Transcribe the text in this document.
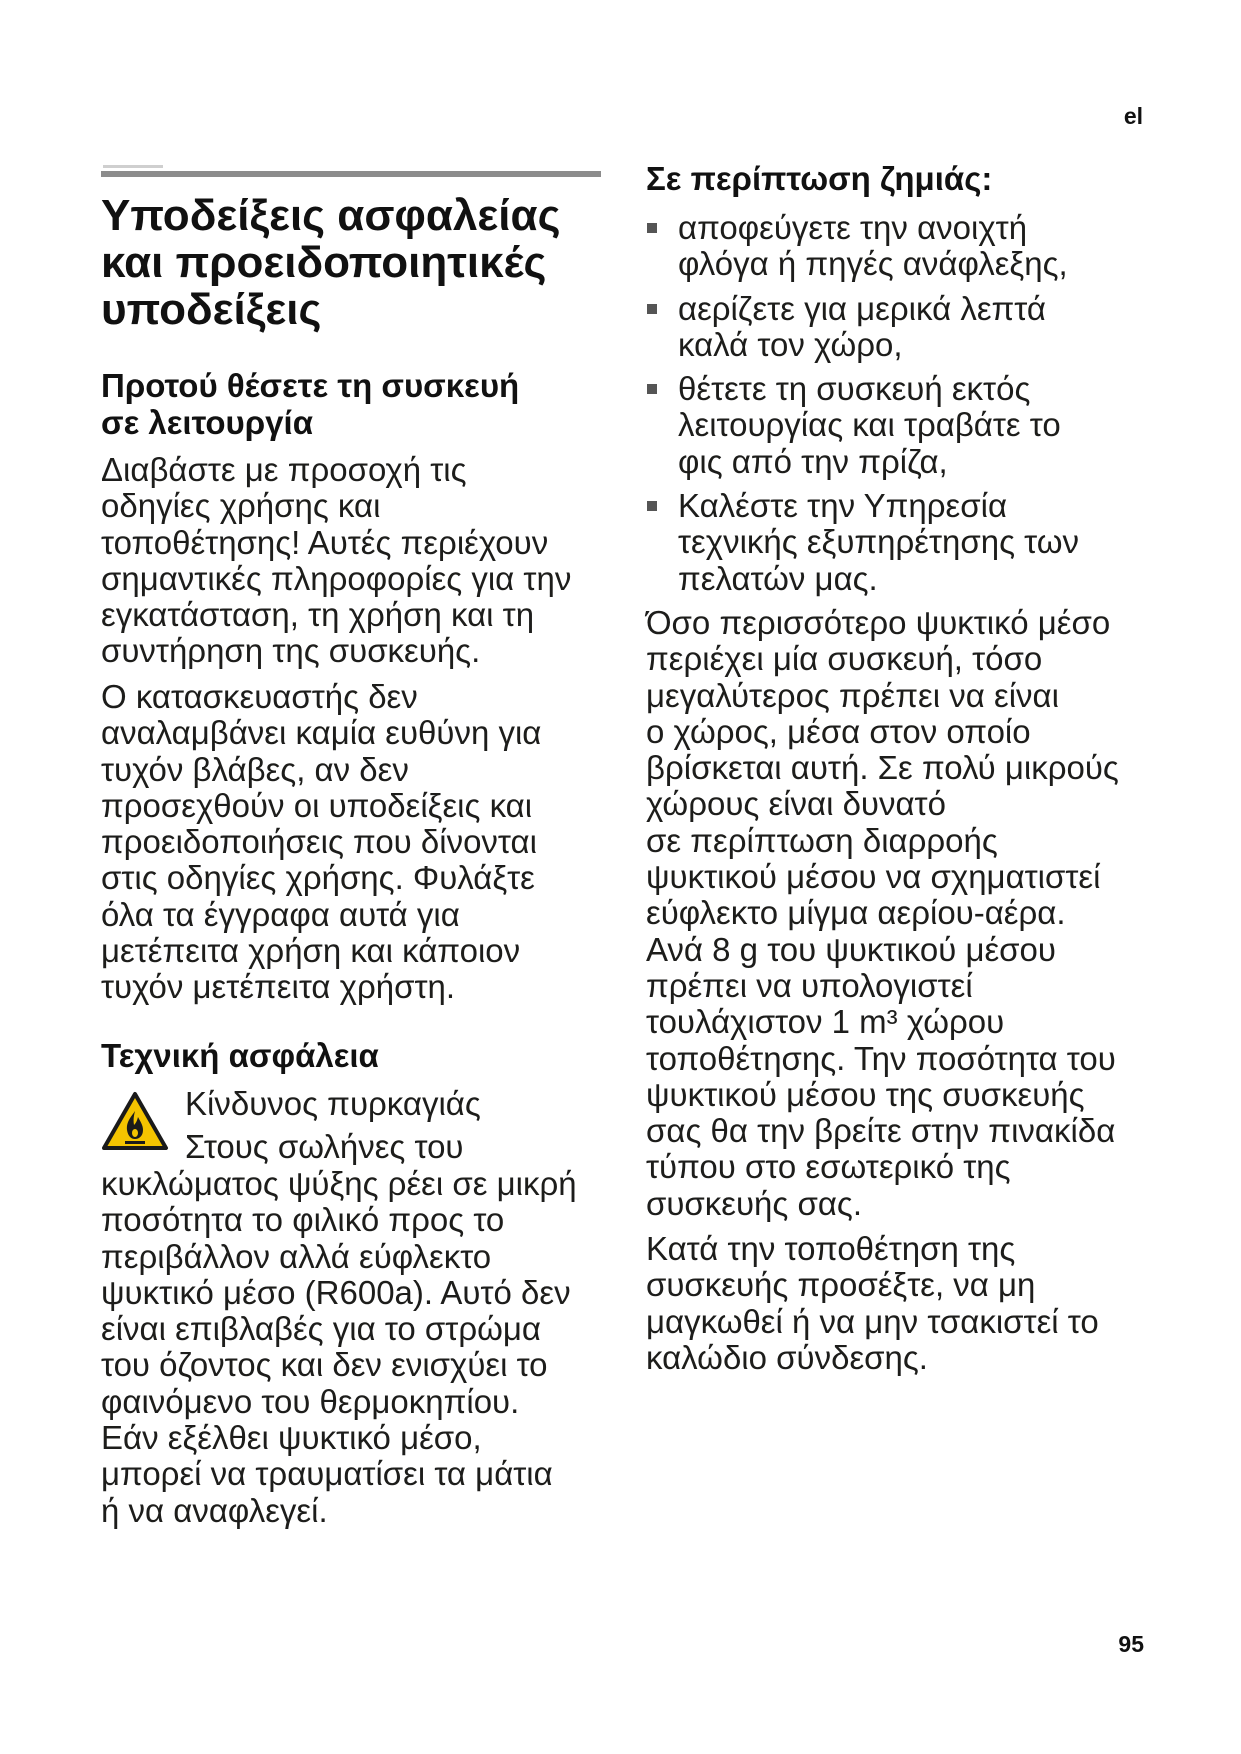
el
Υποδείξεις ασφαλείας
και προειδοποιητικές
υποδείξεις
Προτού θέσετε τη συσκευή
σε λειτουργία
Διαβάστε με προσοχή τις
οδηγίες χρήσης και
τοποθέτησης! Αυτές περιέχουν
σημαντικές πληροφορίες για την
εγκατάσταση, τη χρήση και τη
συντήρηση της συσκευής.
Ο κατασκευαστής δεν
αναλαμβάνει καμία ευθύνη για
τυχόν βλάβες, αν δεν
προσεχθούν οι υποδείξεις και
προειδοποιήσεις που δίνονται
στις οδηγίες χρήσης. Φυλάξτε
όλα τα έγγραφα αυτά για
μετέπειτα χρήση και κάποιον
τυχόν μετέπειτα χρήστη.
Τεχνική ασφάλεια
Κίνδυνος πυρκαγιάς
Στους σωλήνες του
κυκλώματος ψύξης ρέει σε μικρή
ποσότητα το φιλικό προς το
περιβάλλον αλλά εύφλεκτο
ψυκτικό μέσο (R600a). Αυτό δεν
είναι επιβλαβές για το στρώμα
του όζοντος και δεν ενισχύει το
φαινόμενο του θερμοκηπίου.
Εάν εξέλθει ψυκτικό μέσο,
μπορεί να τραυματίσει τα μάτια
ή να αναφλεγεί.
Σε περίπτωση ζημιάς:
αποφεύγετε την ανοιχτή
φλόγα ή πηγές ανάφλεξης,
αερίζετε για μερικά λεπτά
καλά τον χώρο,
θέτετε τη συσκευή εκτός
λειτουργίας και τραβάτε το
φις από την πρίζα,
Καλέστε την Υπηρεσία
τεχνικής εξυπηρέτησης των
πελατών μας.
Όσο περισσότερο ψυκτικό μέσο
περιέχει μία συσκευή, τόσο
μεγαλύτερος πρέπει να είναι
ο χώρος, μέσα στον οποίο
βρίσκεται αυτή. Σε πολύ μικρούς
χώρους είναι δυνατό
σε περίπτωση διαρροής
ψυκτικού μέσου να σχηματιστεί
εύφλεκτο μίγμα αερίου-αέρα.
Ανά 8 g του ψυκτικού μέσου
πρέπει να υπολογιστεί
τουλάχιστον 1 m³ χώρου
τοποθέτησης. Την ποσότητα του
ψυκτικού μέσου της συσκευής
σας θα την βρείτε στην πινακίδα
τύπου στο εσωτερικό της
συσκευής σας.
Κατά την τοποθέτηση της
συσκευής προσέξτε, να μη
μαγκωθεί ή να μην τσακιστεί το
καλώδιο σύνδεσης.
95
